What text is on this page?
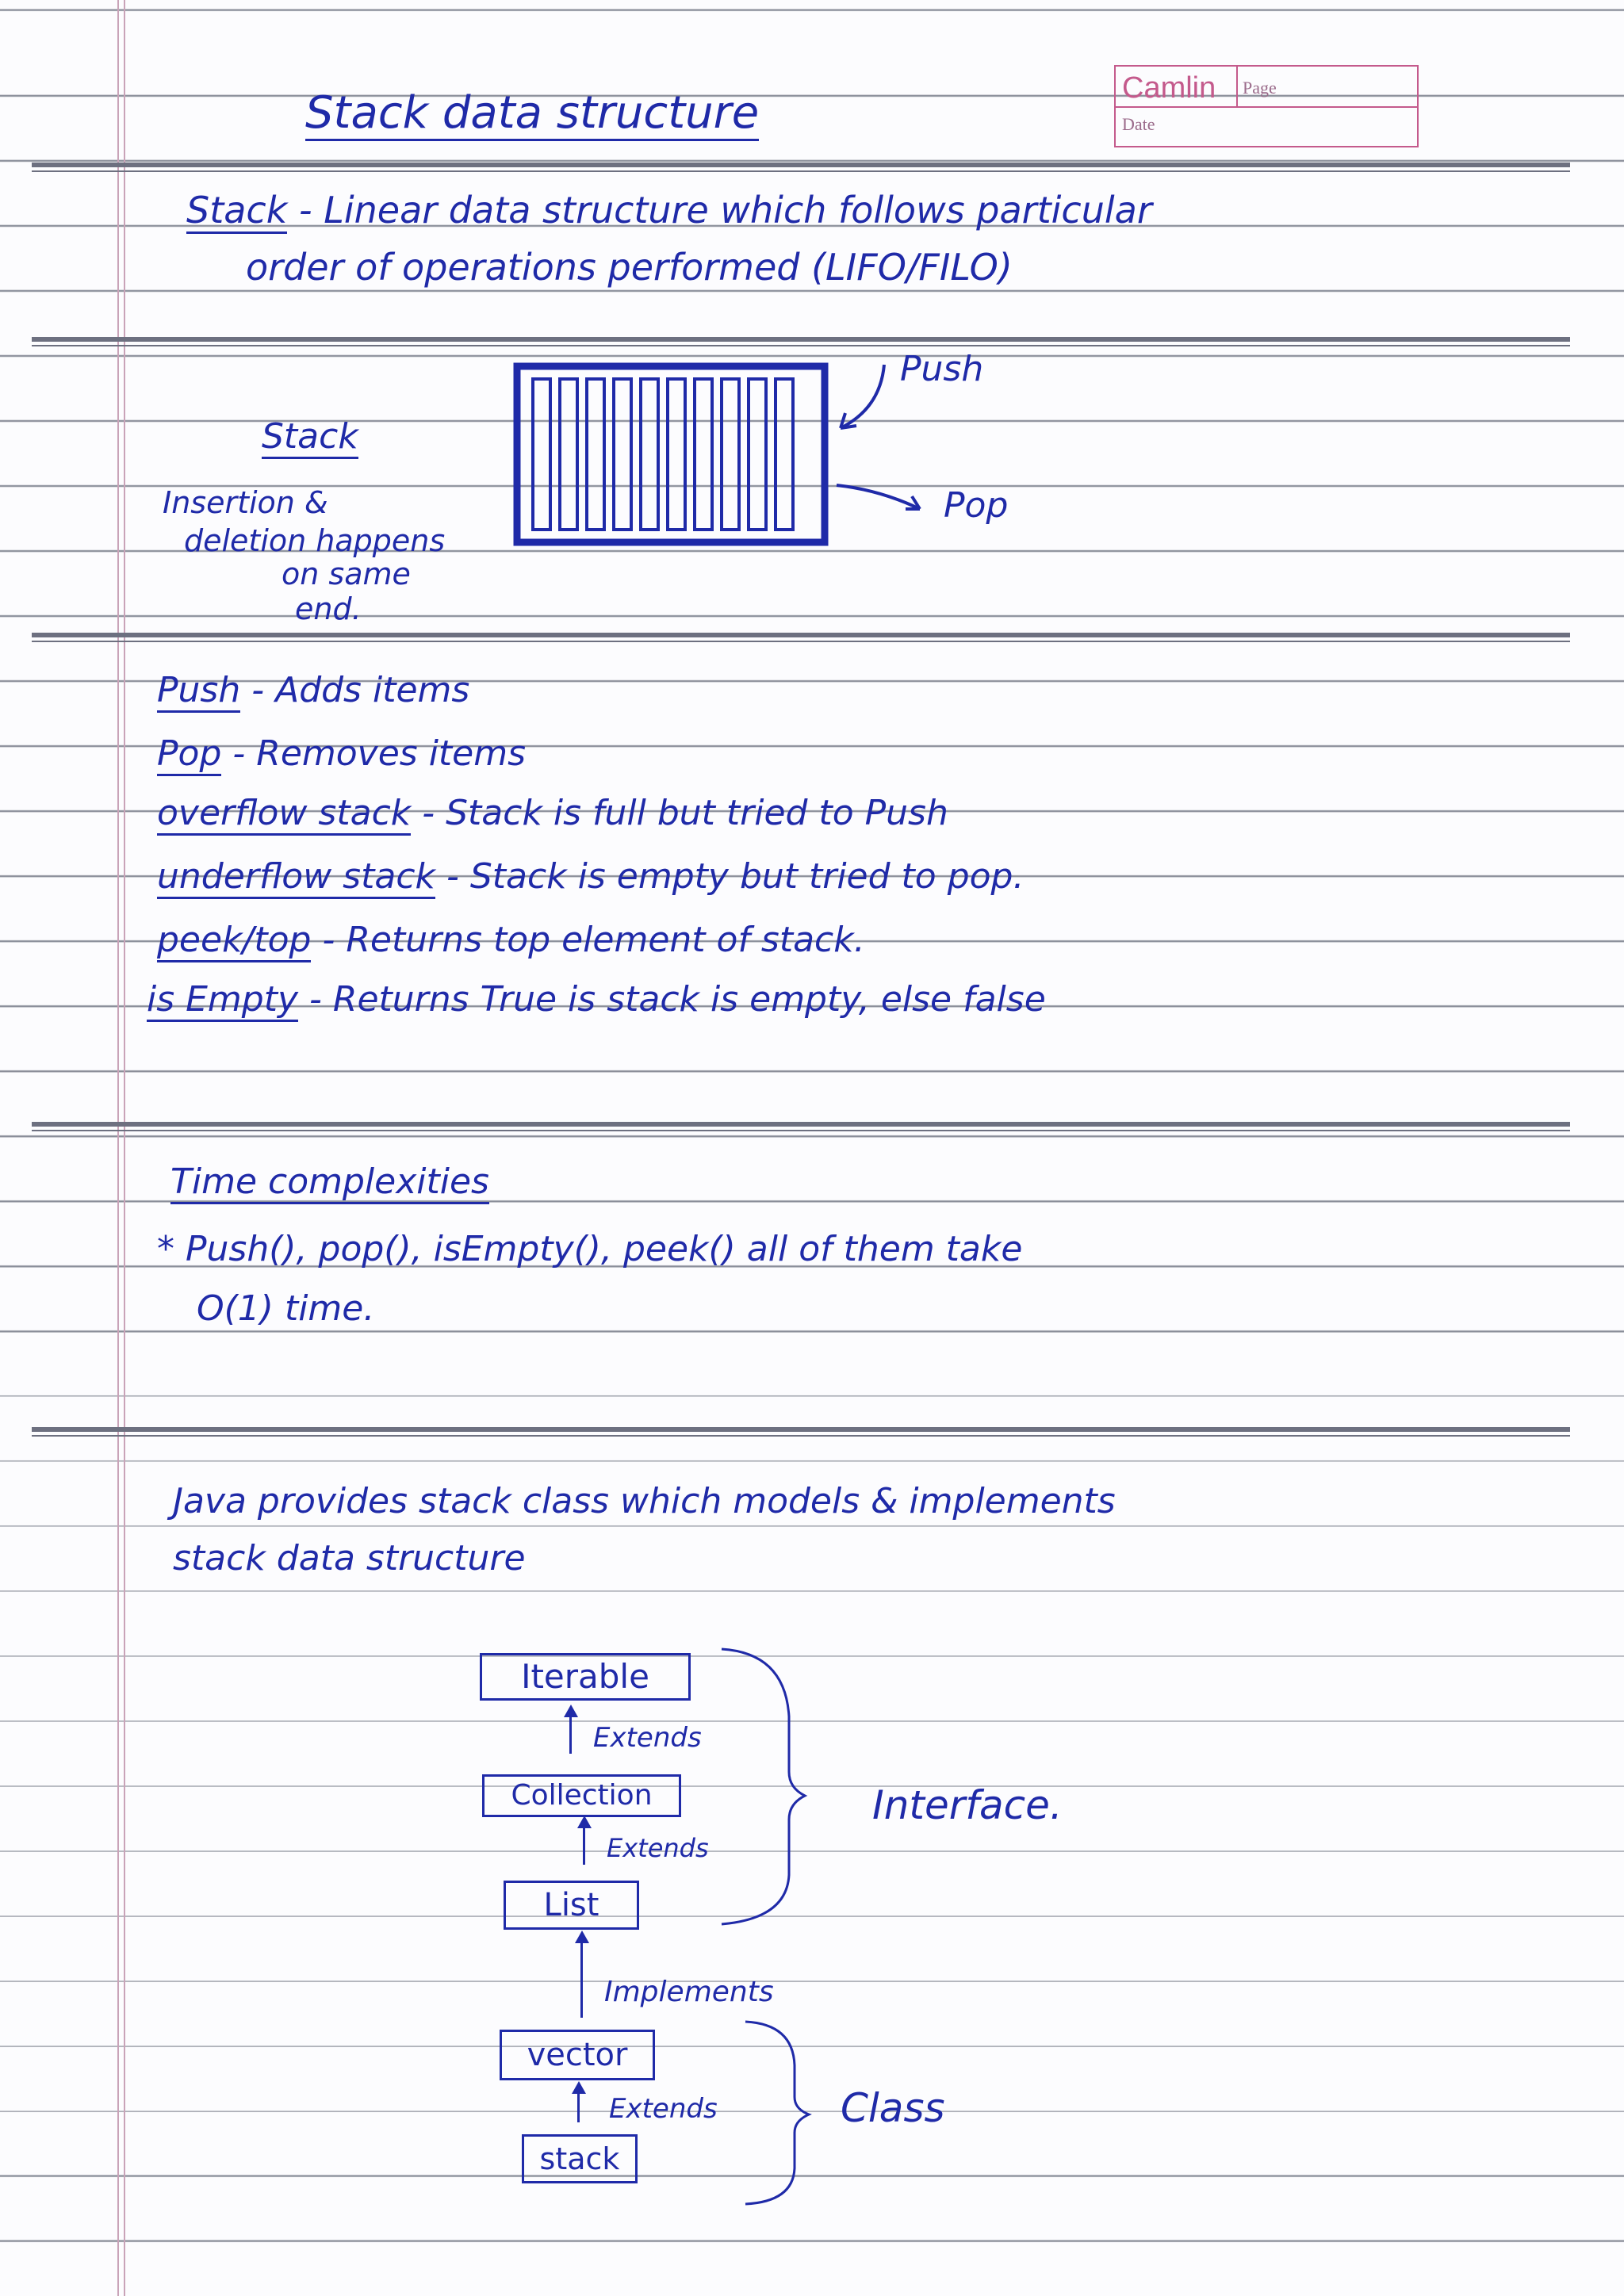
Camlin Page
Date
Stack data structure
Stack - Linear data structure which follows particular
order of operations performed (LIFO/FILO)
Stack
Insertion &
deletion happens
on same
end.
Push
Pop
Push - Adds items
Pop - Removes items
overflow stack - Stack is full but tried to Push
underflow stack - Stack is empty but tried to pop.
peek/top - Returns top element of stack.
is Empty - Returns True is stack is empty, else false
Time complexities
* Push(), pop(), isEmpty(), peek() all of them take
O(1) time.
Java provides stack class which models & implements
stack data structure
Iterable
Extends
Collection
Extends
List
Implements
vector
Extends
stack
Interface.
Class
